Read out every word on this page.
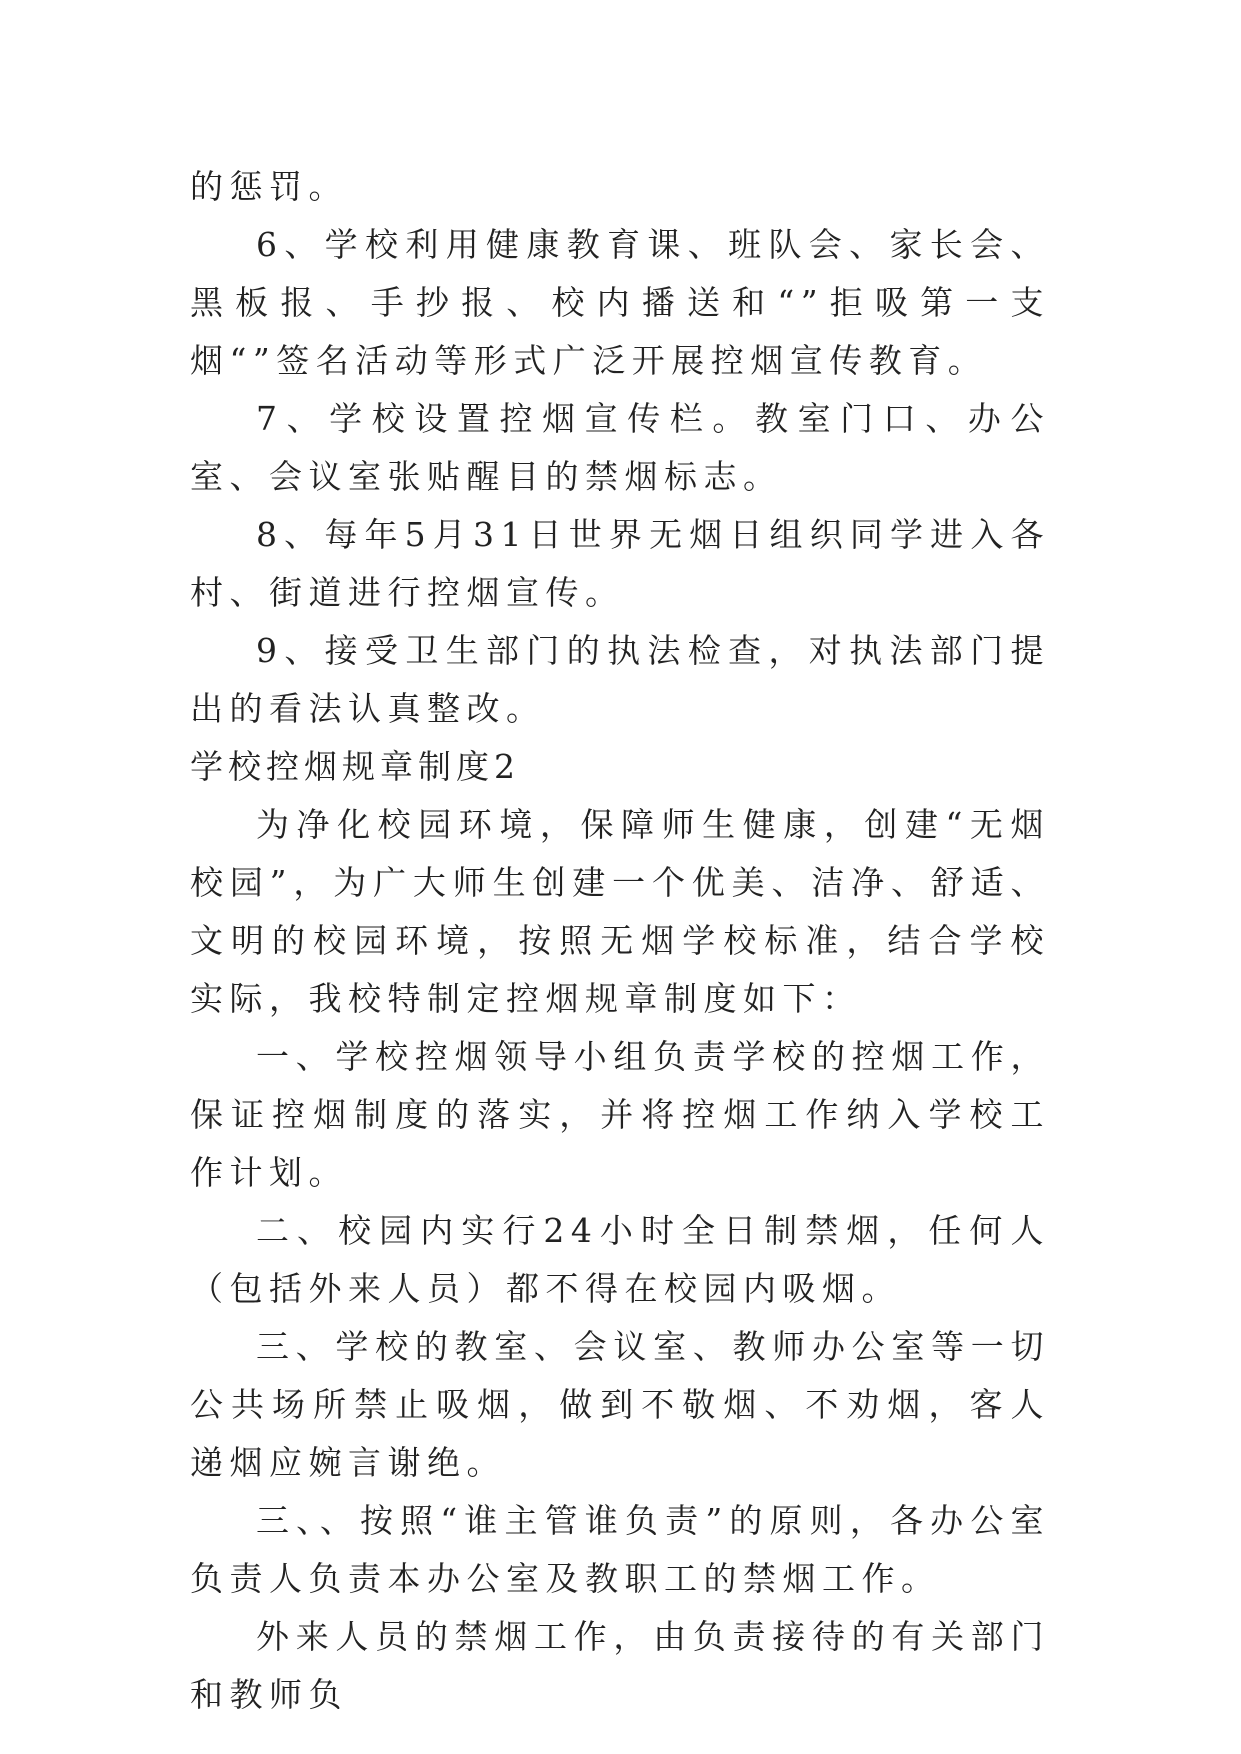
的惩罚。

6、学校利用健康教育课、班队会、家长会、黑板报、手抄报、校内播送和“”拒吸第一支烟“”签名活动等形式广泛开展控烟宣传教育。

7、学校设置控烟宣传栏。教室门口、办公室、会议室张贴醒目的禁烟标志。

8、每年5月31日世界无烟日组织同学进入各村、街道进行控烟宣传。

9、接受卫生部门的执法检查，对执法部门提出的看法认真整改。

学校控烟规章制度2

为净化校园环境，保障师生健康，创建“无烟校园”，为广大师生创建一个优美、洁净、舒适、文明的校园环境，按照无烟学校标准，结合学校实际，我校特制定控烟规章制度如下：

一、学校控烟领导小组负责学校的控烟工作，保证控烟制度的落实，并将控烟工作纳入学校工作计划。

二、校园内实行24小时全日制禁烟，任何人（包括外来人员）都不得在校园内吸烟。

三、学校的教室、会议室、教师办公室等一切公共场所禁止吸烟，做到不敬烟、不劝烟，客人递烟应婉言谢绝。

三、、按照“谁主管谁负责”的原则，各办公室负责人负责本办公室及教职工的禁烟工作。

外来人员的禁烟工作，由负责接待的有关部门和教师负
